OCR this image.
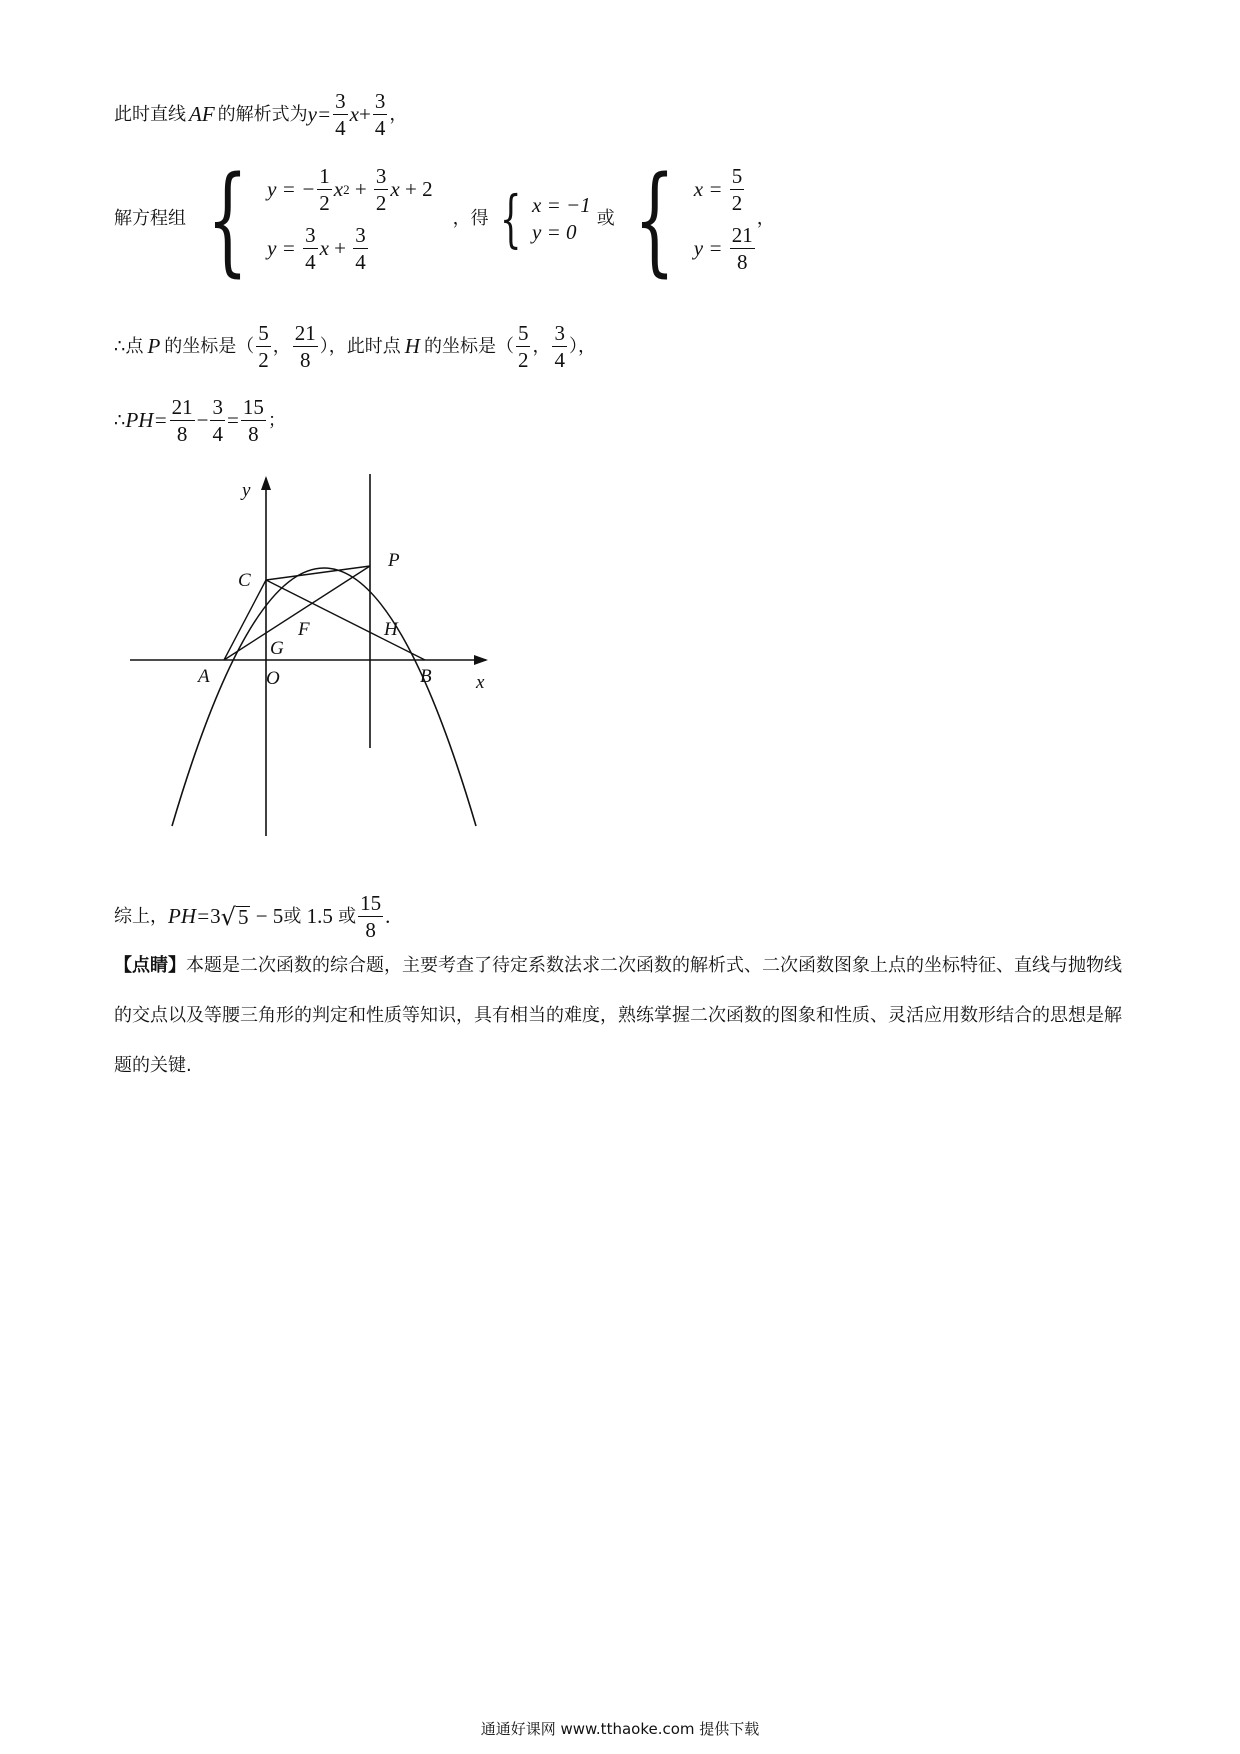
此时直线 AF 的解析式为 $y= \frac{3}{4}$ $x + \frac{3}{4}$ ，
解方程组 { y = − $\frac{1}{2}$ x $2 + \frac{3}{2}$ x + 2
$y = \frac{3}{4}$ $x + \frac{3}{4}$
，得 { x = −1
y = 0
或 { $x = \frac{5}{2}$
$y = \frac{21}{8}$
，
∴点 P 的坐标是（ $\frac{5}{2}$ ， $\frac{21}{8}$ ），此时点 H 的坐标是（ $\frac{5}{2}$ ， $\frac{3}{4}$ ），
∴ $PH= \frac{21}{8} - \frac{3}{4} = \frac{15}{8}$ ；
y
x
C
P
F	H
G
A	O	B
综上， PH= 3 √ 5 − 5 或 1.5 或 $\frac{15}{8}$ .
【点睛】本题是二次函数的综合题，主要考查了待定系数法求二次函数的解析式、二次函数图象上点的坐标特征、直线与抛物线的交点以及等腰三角形的判定和性质等知识，具有相当的难度，熟练掌握二次函数的图象和性质、灵活应用数形结合的思想是解题的关键.
通通好课网 www.tthaoke.com 提供下载
